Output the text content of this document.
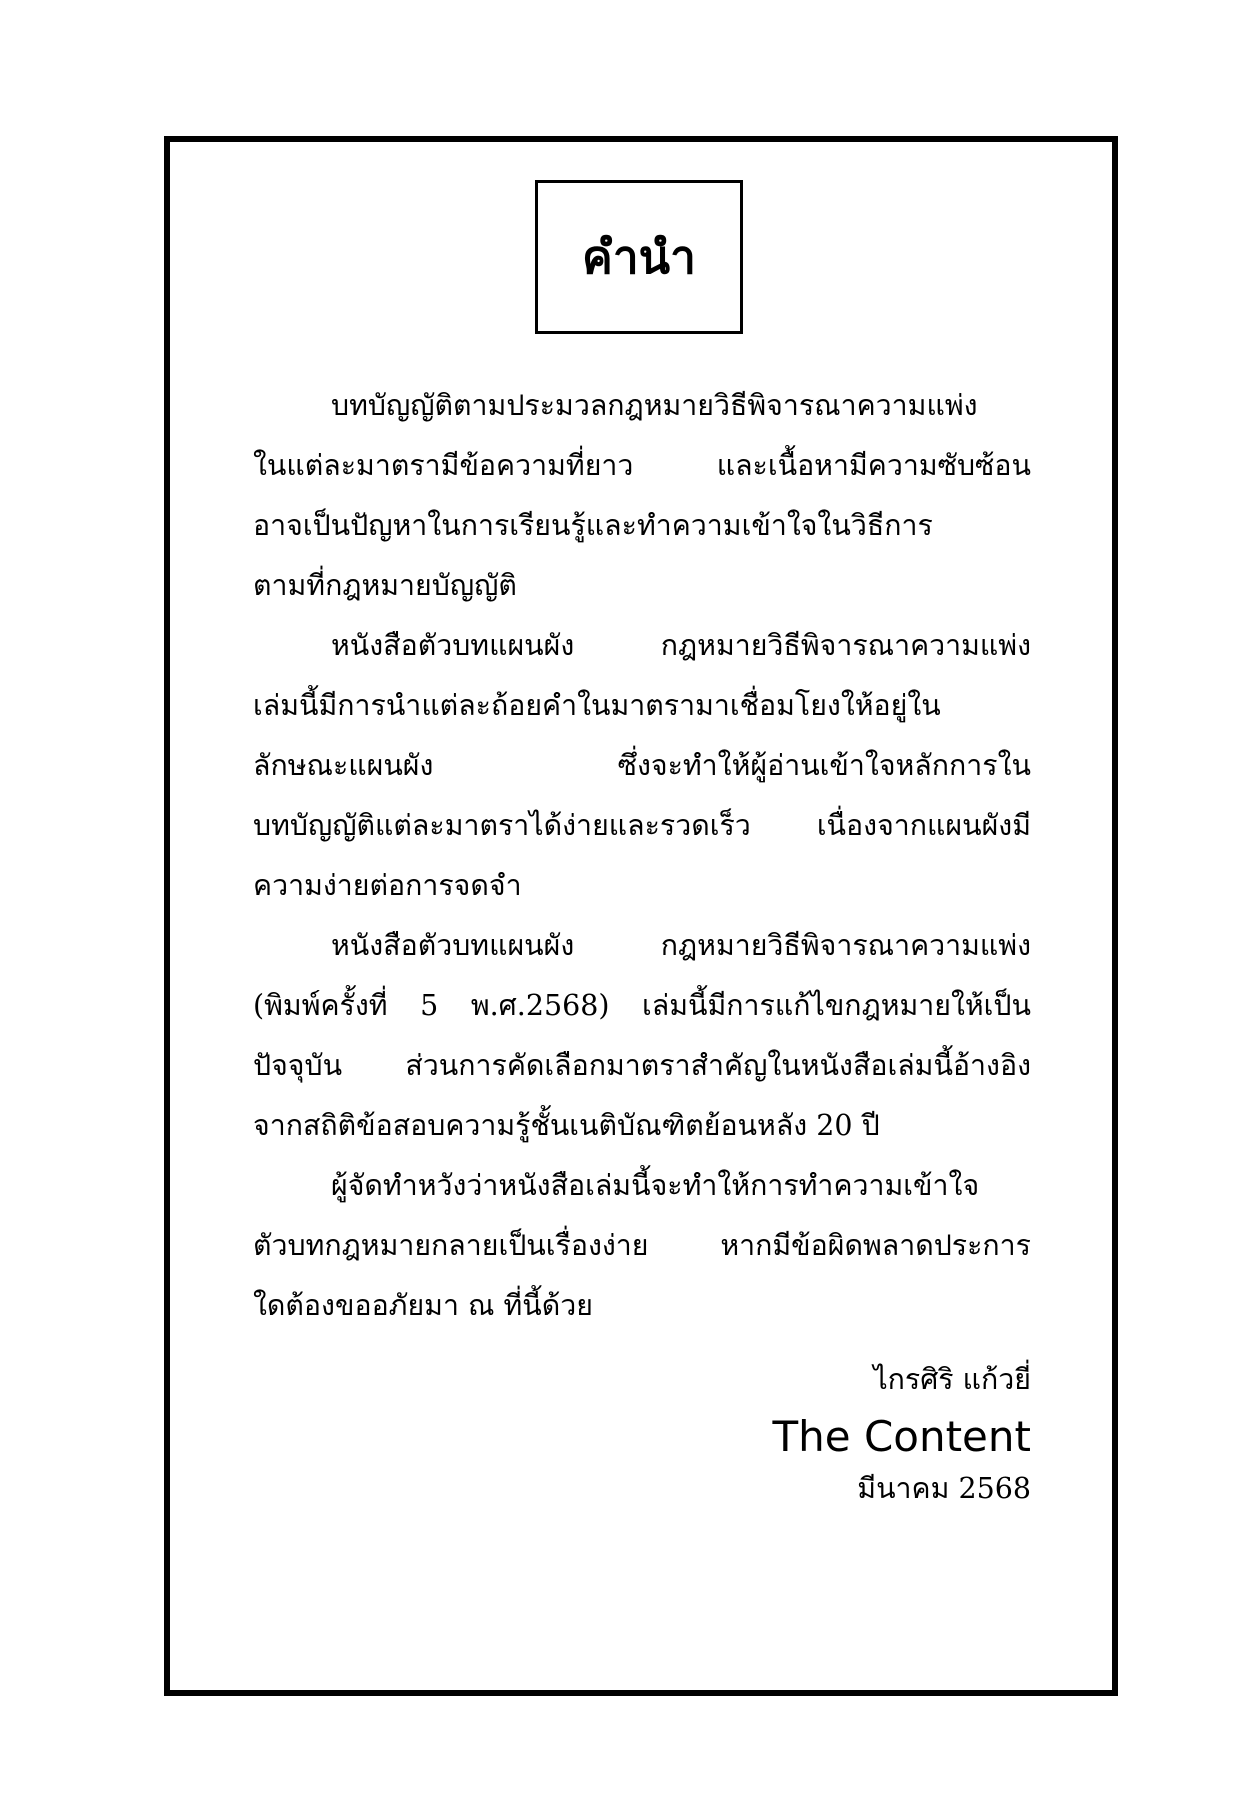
คำนำ
บทบัญญัติตามประมวลกฎหมายวิธีพิจารณาความแพ่ง
ในแต่ละมาตรามีข้อความที่ยาว และเนื้อหามีความซับซ้อน
อาจเป็นปัญหาในการเรียนรู้และทำความเข้าใจในวิธีการ
ตามที่กฎหมายบัญญัติ
หนังสือตัวบทแผนผัง กฎหมายวิธีพิจารณาความแพ่ง
เล่มนี้มีการนำแต่ละถ้อยคำในมาตรามาเชื่อมโยงให้อยู่ใน
ลักษณะแผนผัง ซึ่งจะทำให้ผู้อ่านเข้าใจหลักการใน
บทบัญญัติแต่ละมาตราได้ง่ายและรวดเร็ว เนื่องจากแผนผังมี
ความง่ายต่อการจดจำ
หนังสือตัวบทแผนผัง กฎหมายวิธีพิจารณาความแพ่ง
(พิมพ์ครั้งที่ 5 พ.ศ.2568) เล่มนี้มีการแก้ไขกฎหมายให้เป็น
ปัจจุบัน ส่วนการคัดเลือกมาตราสำคัญในหนังสือเล่มนี้อ้างอิง
จากสถิติข้อสอบความรู้ชั้นเนติบัณฑิตย้อนหลัง 20 ปี
ผู้จัดทำหวังว่าหนังสือเล่มนี้จะทำให้การทำความเข้าใจ
ตัวบทกฎหมายกลายเป็นเรื่องง่าย หากมีข้อผิดพลาดประการ
ใดต้องขออภัยมา ณ ที่นี้ด้วย
ไกรศิริ แก้วยี่
The Content
มีนาคม 2568
